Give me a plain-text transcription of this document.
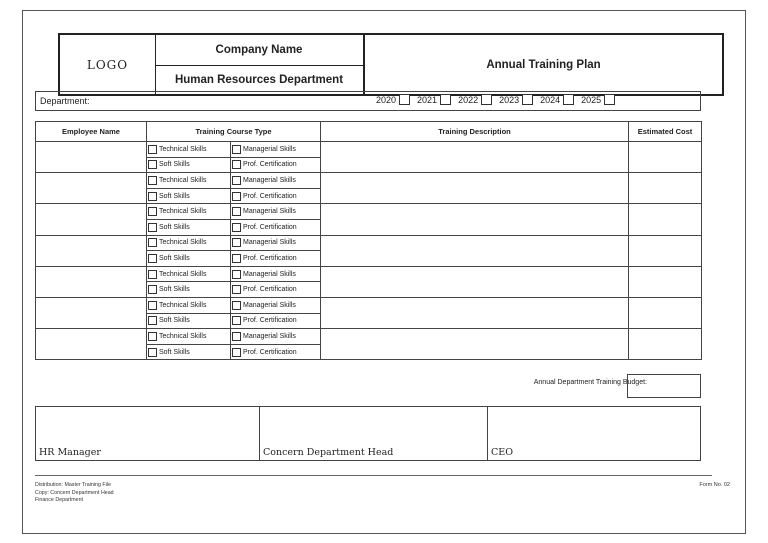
LOGO
Company Name
Human Resources Department
Annual Training Plan
Department:	2020 2021 2022 2023 2024 2025
Employee Name	Training Course Type		Training Description	Estimated Cost

	Technical Skills	Managerial Skills		

	Soft Skills	Prof. Certification		

	Technical Skills	Managerial Skills		

	Soft Skills	Prof. Certification		

	Technical Skills	Managerial Skills		

	Soft Skills	Prof. Certification		

	Technical Skills	Managerial Skills		

	Soft Skills	Prof. Certification		

	Technical Skills	Managerial Skills		

	Soft Skills	Prof. Certification		

	Technical Skills	Managerial Skills		

	Soft Skills	Prof. Certification		

	Technical Skills	Managerial Skills		

	Soft Skills	Prof. Certification		
Annual Department Training Budget:
HR Manager	Concern Department Head	CEO
Distribution: Master Training File
Copy: Concern Department Head
Finance Department
Form No. 02
